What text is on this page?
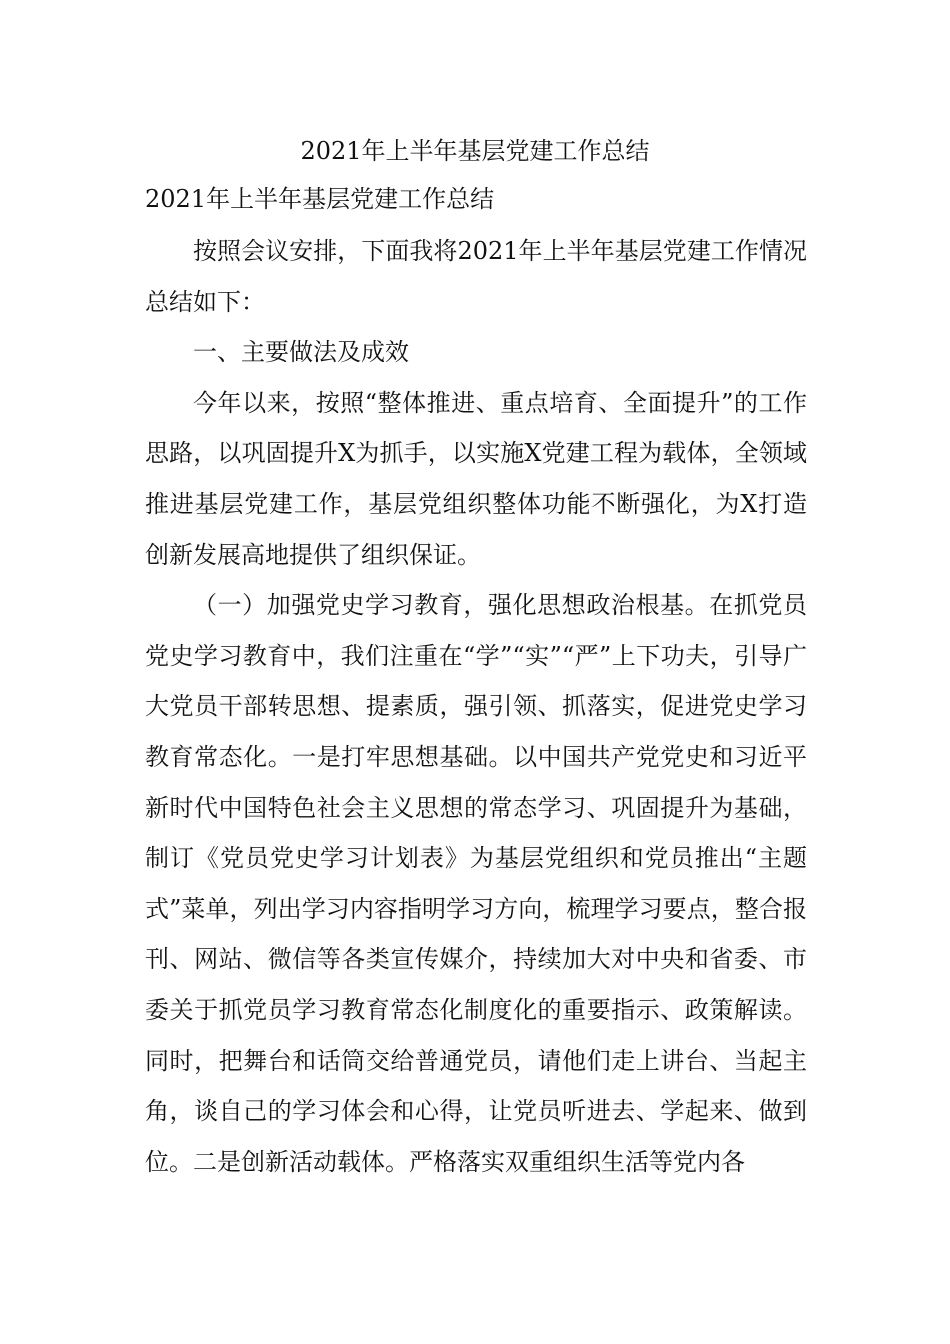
2021年上半年基层党建工作总结
2021年上半年基层党建工作总结

按照会议安排，下面我将2021年上半年基层党建工作情况总结如下：

一、主要做法及成效

今年以来，按照“整体推进、重点培育、全面提升”的工作思路，以巩固提升X为抓手，以实施X党建工程为载体，全领域推进基层党建工作，基层党组织整体功能不断强化，为X打造创新发展高地提供了组织保证。

（一）加强党史学习教育，强化思想政治根基。在抓党员党史学习教育中，我们注重在“学”“实”“严”上下功夫，引导广大党员干部转思想、提素质，强引领、抓落实，促进党史学习教育常态化。一是打牢思想基础。以中国共产党党史和习近平新时代中国特色社会主义思想的常态学习、巩固提升为基础，制订《党员党史学习计划表》为基层党组织和党员推出“主题式”菜单，列出学习内容指明学习方向，梳理学习要点，整合报刊、网站、微信等各类宣传媒介，持续加大对中央和省委、市委关于抓党员学习教育常态化制度化的重要指示、政策解读。同时，把舞台和话筒交给普通党员，请他们走上讲台、当起主角，谈自己的学习体会和心得，让党员听进去、学起来、做到位。二是创新活动载体。严格落实双重组织生活等党内各
